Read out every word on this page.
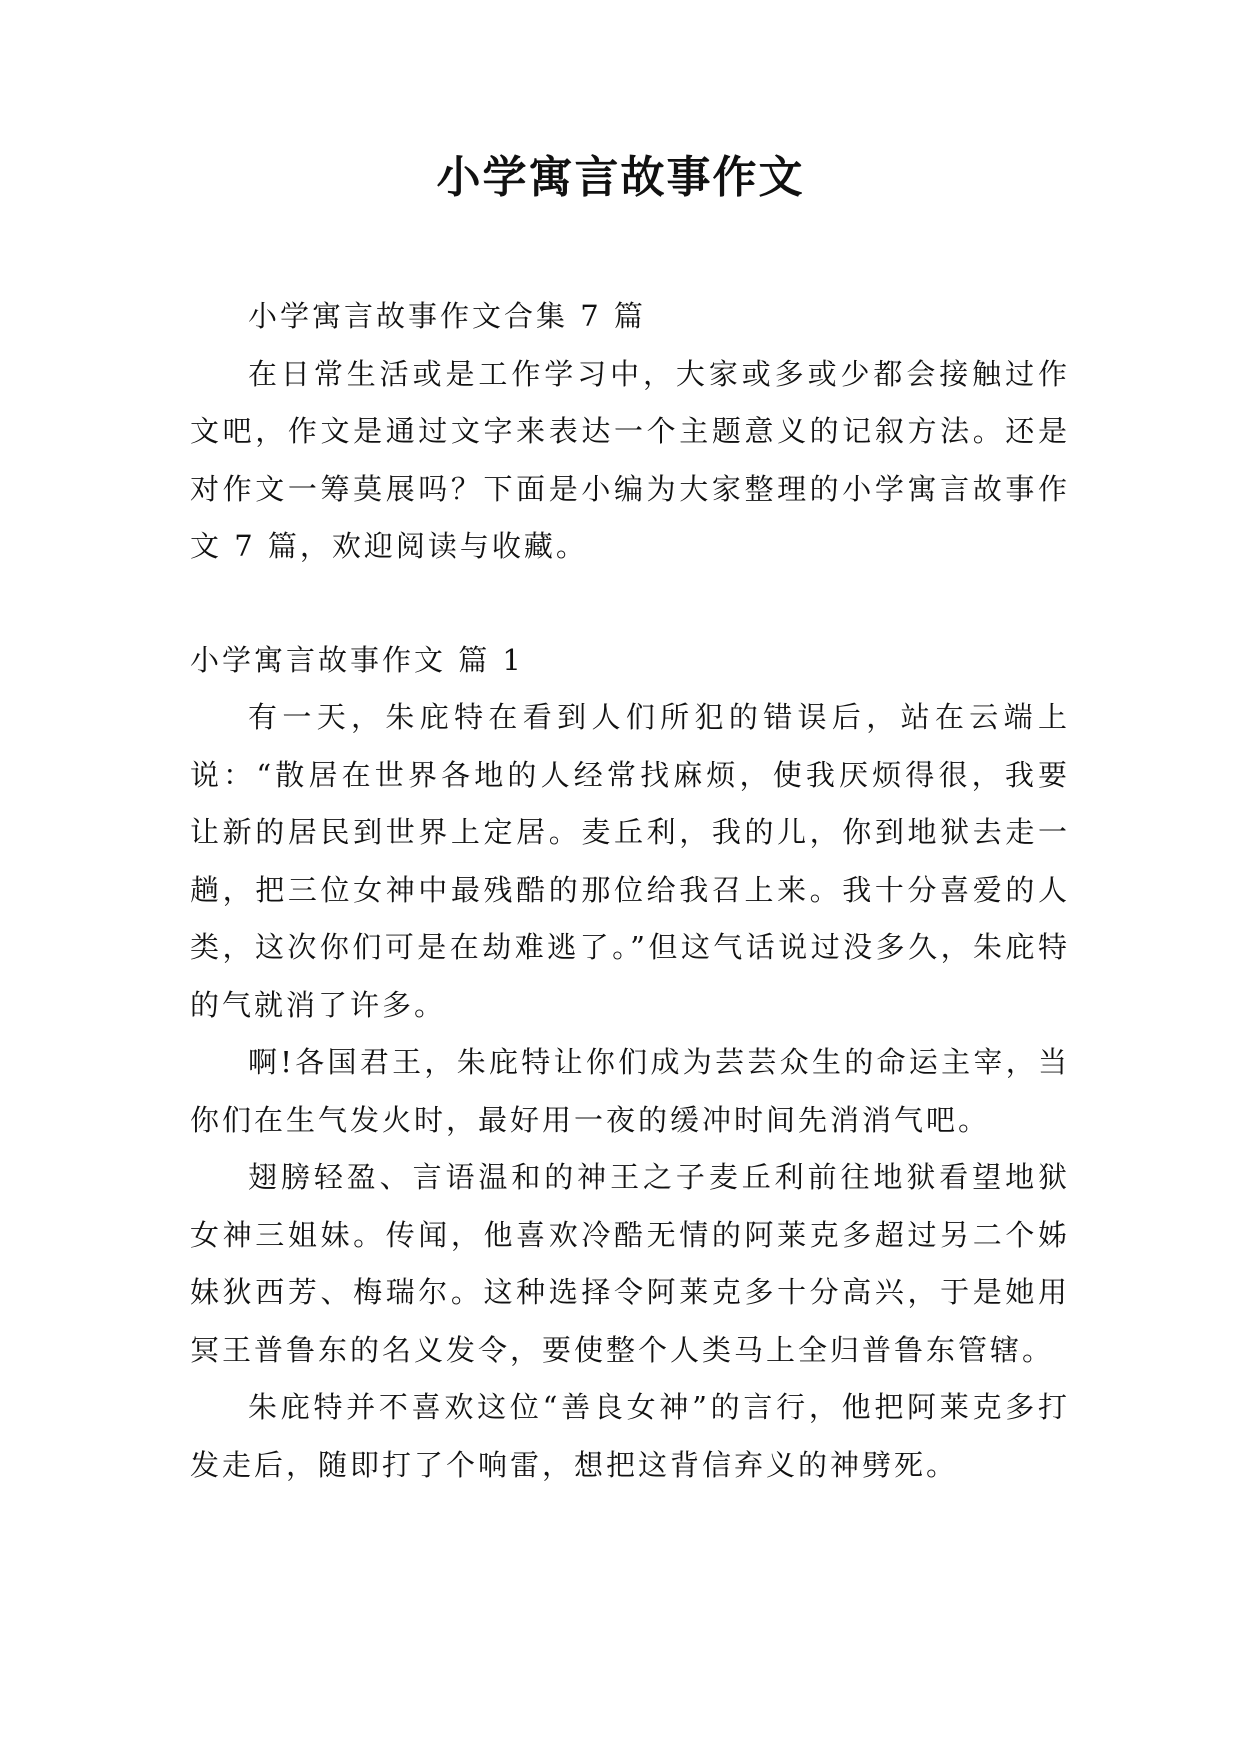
小学寓言故事作文

小学寓言故事作文合集 7 篇

在日常生活或是工作学习中，大家或多或少都会接触过作文吧，作文是通过文字来表达一个主题意义的记叙方法。还是对作文一筹莫展吗？下面是小编为大家整理的小学寓言故事作文 7 篇，欢迎阅读与收藏。

小学寓言故事作文 篇 1

有一天，朱庇特在看到人们所犯的错误后，站在云端上说：“散居在世界各地的人经常找麻烦，使我厌烦得很，我要让新的居民到世界上定居。麦丘利，我的儿，你到地狱去走一趟，把三位女神中最残酷的那位给我召上来。我十分喜爱的人类，这次你们可是在劫难逃了。”但这气话说过没多久，朱庇特的气就消了许多。

啊!各国君王，朱庇特让你们成为芸芸众生的命运主宰，当你们在生气发火时，最好用一夜的缓冲时间先消消气吧。

翅膀轻盈、言语温和的神王之子麦丘利前往地狱看望地狱女神三姐妹。传闻，他喜欢冷酷无情的阿莱克多超过另二个姊妹狄西芳、梅瑞尔。这种选择令阿莱克多十分高兴，于是她用冥王普鲁东的名义发令，要使整个人类马上全归普鲁东管辖。

朱庇特并不喜欢这位“善良女神”的言行，他把阿莱克多打发走后，随即打了个响雷，想把这背信弃义的神劈死。
